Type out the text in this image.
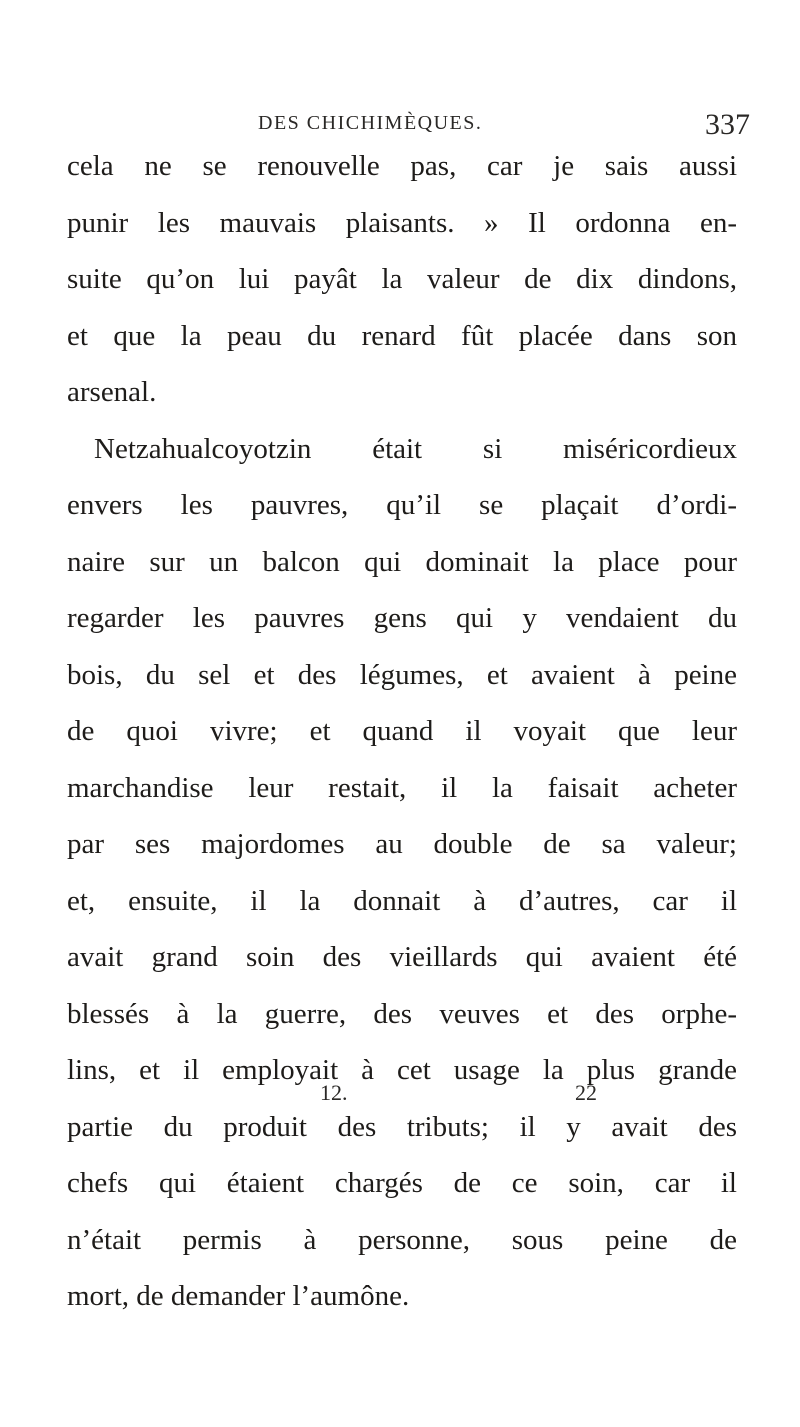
DES CHICHIMÈQUES.	337
cela ne se renouvelle pas, car je sais aussi
punir les mauvais plaisants. » Il ordonna en-
suite qu’on lui payât la valeur de dix dindons,
et que la peau du renard fût placée dans son
arsenal.
Netzahualcoyotzin était si miséricordieux
envers les pauvres, qu’il se plaçait d’ordi-
naire sur un balcon qui dominait la place pour
regarder les pauvres gens qui y vendaient du
bois, du sel et des légumes, et avaient à peine
de quoi vivre; et quand il voyait que leur
marchandise leur restait, il la faisait acheter
par ses majordomes au double de sa valeur;
et, ensuite, il la donnait à d’autres, car il
avait grand soin des vieillards qui avaient été
blessés à la guerre, des veuves et des orphe-
lins, et il employait à cet usage la plus grande
partie du produit des tributs; il y avait des
chefs qui étaient chargés de ce soin, car il
n’était permis à personne, sous peine de
mort, de demander l’aumône.
12.	22
